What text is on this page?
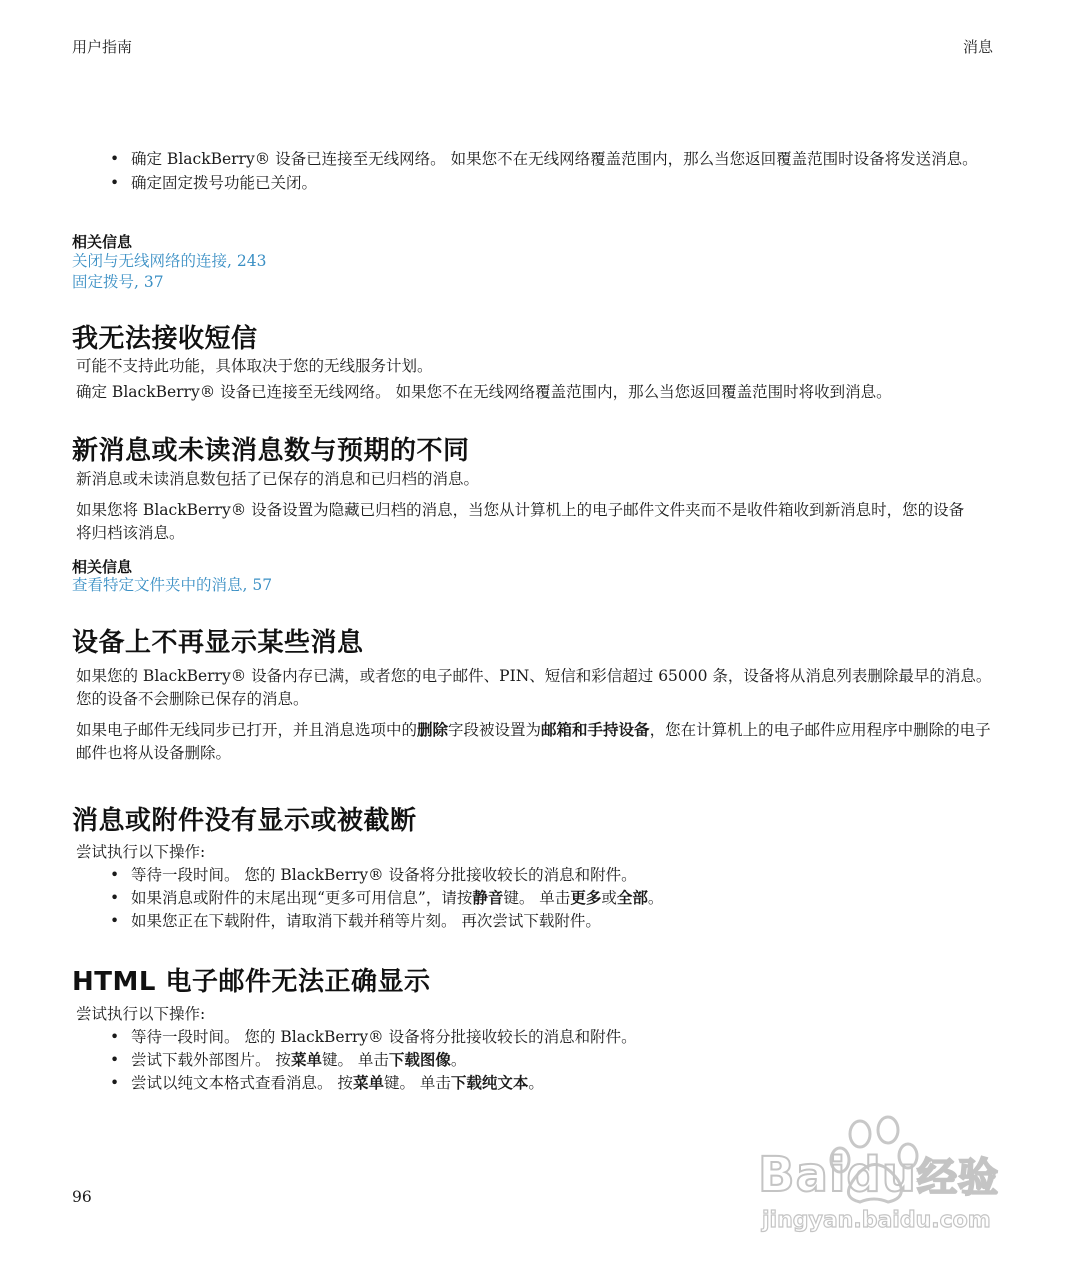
用户指南	消息
• 确定 BlackBerry® 设备已连接至无线网络。 如果您不在无线网络覆盖范围内，那么当您返回覆盖范围时设备将发送消息。
• 确定固定拨号功能已关闭。
相关信息
关闭与无线网络的连接, 243
固定拨号, 37
我无法接收短信
可能不支持此功能，具体取决于您的无线服务计划。
确定 BlackBerry® 设备已连接至无线网络。 如果您不在无线网络覆盖范围内，那么当您返回覆盖范围时将收到消息。
新消息或未读消息数与预期的不同
新消息或未读消息数包括了已保存的消息和已归档的消息。
如果您将 BlackBerry® 设备设置为隐藏已归档的消息，当您从计算机上的电子邮件文件夹而不是收件箱收到新消息时，您的设备将归档该消息。
相关信息
查看特定文件夹中的消息, 57
设备上不再显示某些消息
如果您的 BlackBerry® 设备内存已满，或者您的电子邮件、PIN、短信和彩信超过 65000 条，设备将从消息列表删除最早的消息。 您的设备不会删除已保存的消息。
如果电子邮件无线同步已打开，并且消息选项中的删除字段被设置为邮箱和手持设备，您在计算机上的电子邮件应用程序中删除的电子邮件也将从设备删除。
消息或附件没有显示或被截断
尝试执行以下操作:
• 等待一段时间。 您的 BlackBerry® 设备将分批接收较长的消息和附件。
• 如果消息或附件的末尾出现“更多可用信息”，请按静音键。 单击更多或全部。
• 如果您正在下载附件，请取消下载并稍等片刻。 再次尝试下载附件。
HTML 电子邮件无法正确显示
尝试执行以下操作:
• 等待一段时间。 您的 BlackBerry® 设备将分批接收较长的消息和附件。
• 尝试下载外部图片。 按菜单键。 单击下载图像。
• 尝试以纯文本格式查看消息。 按菜单键。 单击下载纯文本。
96	Baidu经验
jingyan.baidu.com
